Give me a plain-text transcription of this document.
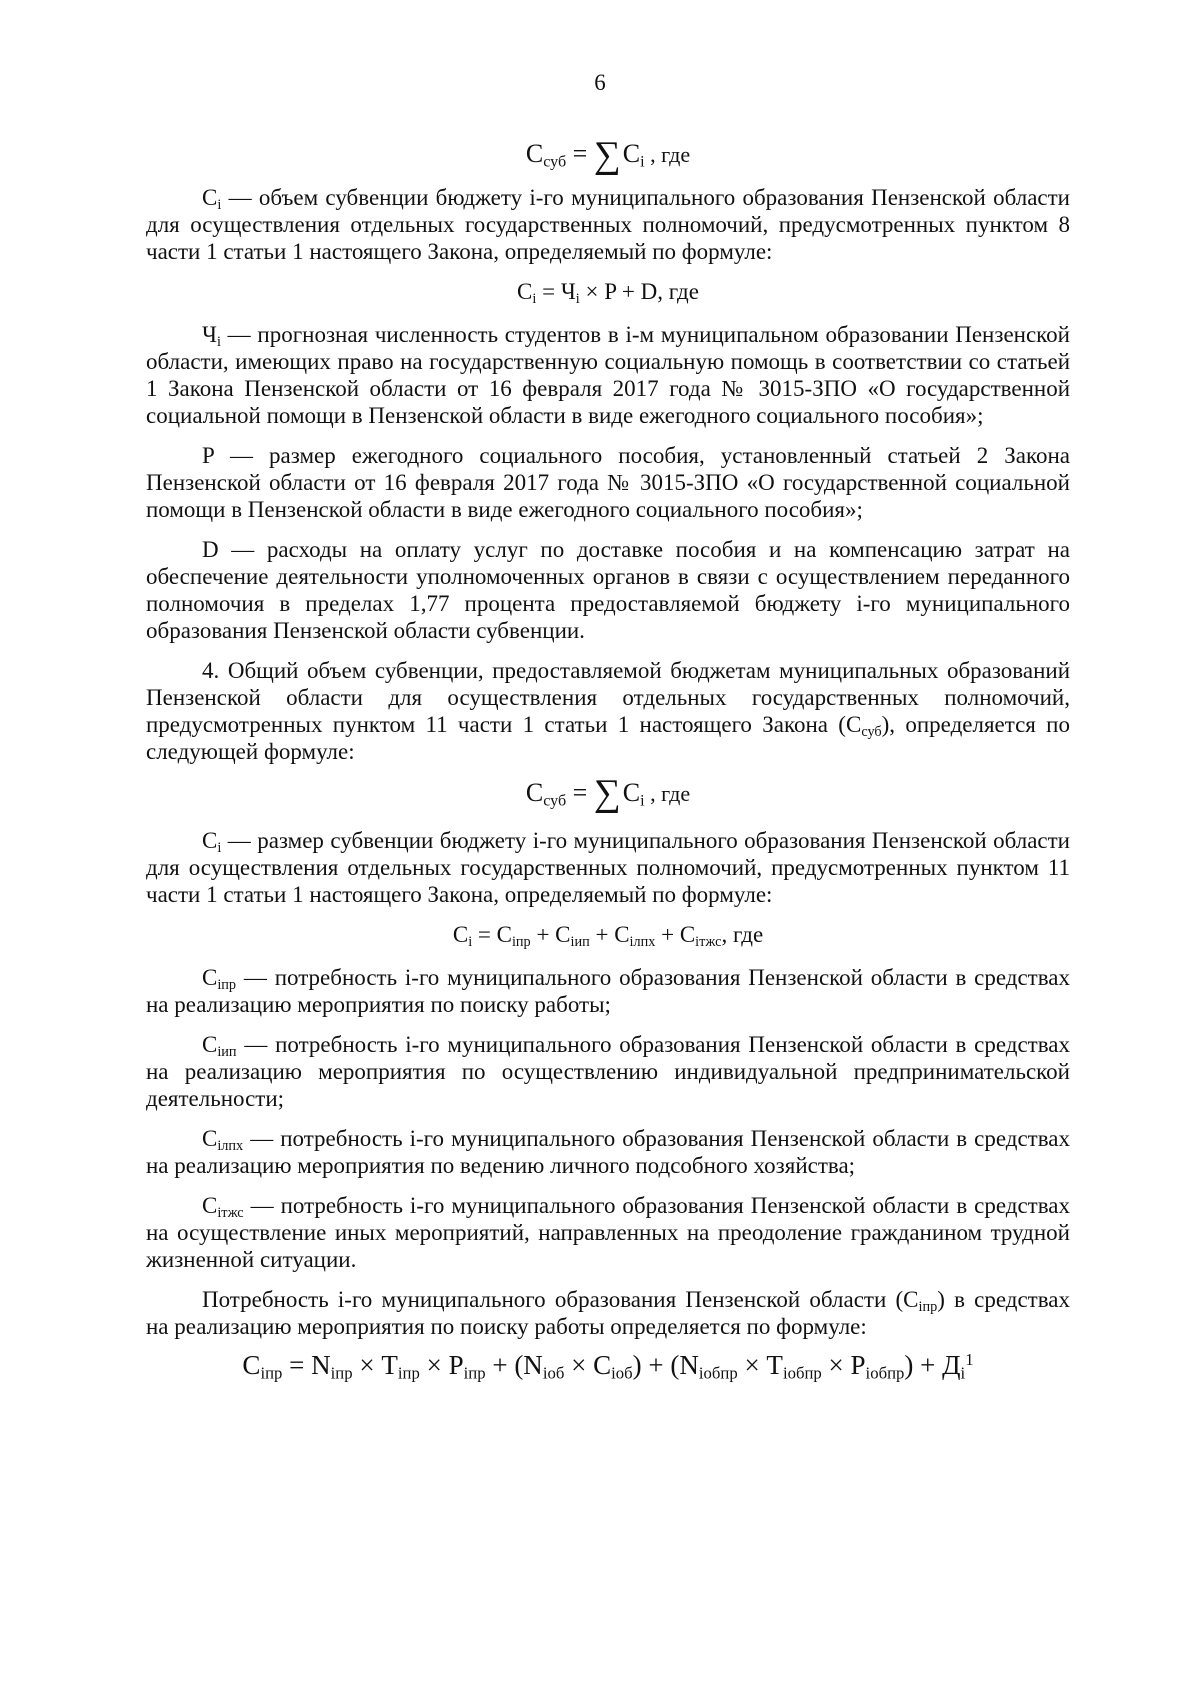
6
$С_{суб} = \sum С_i$ , где

$С_i$ — объем субвенции бюджету i-го муниципального образования Пензенской области для осуществления отдельных государственных полномочий, предусмотренных пунктом 8 части 1 статьи 1 настоящего Закона, определяемый по формуле:

$С_i = Ч_i \times P + D$, где

$Ч_i$ — прогнозная численность студентов в i-м муниципальном образовании Пензенской области, имеющих право на государственную социальную помощь в соответствии со статьей 1 Закона Пензенской области от 16 февраля 2017 года № 3015-ЗПО «О государственной социальной помощи в Пензенской области в виде ежегодного социального пособия»;

P — размер ежегодного социального пособия, установленный статьей 2 Закона Пензенской области от 16 февраля 2017 года № 3015-ЗПО «О государственной социальной помощи в Пензенской области в виде ежегодного социального пособия»;

D — расходы на оплату услуг по доставке пособия и на компенсацию затрат на обеспечение деятельности уполномоченных органов в связи с осуществлением переданного полномочия в пределах 1,77 процента предоставляемой бюджету i-го муниципального образования Пензенской области субвенции.

4. Общий объем субвенции, предоставляемой бюджетам муниципальных образований Пензенской области для осуществления отдельных государственных полномочий, предусмотренных пунктом 11 части 1 статьи 1 настоящего Закона $(С_{суб})$, определяется по следующей формуле:

$С_{суб} = \sum С_i$ , где

$С_i$ — размер субвенции бюджету i-го муниципального образования Пензенской области для осуществления отдельных государственных полномочий, предусмотренных пунктом 11 части 1 статьи 1 настоящего Закона, определяемый по формуле:

$С_i = С_{iпр} + С_{iип} + С_{iлпх} + С_{iтжс}$, где

$С_{iпр}$ — потребность i-го муниципального образования Пензенской области в средствах на реализацию мероприятия по поиску работы;

$С_{iип}$ — потребность i-го муниципального образования Пензенской области в средствах на реализацию мероприятия по осуществлению индивидуальной предпринимательской деятельности;

$С_{iлпх}$ — потребность i-го муниципального образования Пензенской области в средствах на реализацию мероприятия по ведению личного подсобного хозяйства;

$С_{iтжс}$ — потребность i-го муниципального образования Пензенской области в средствах на осуществление иных мероприятий, направленных на преодоление гражданином трудной жизненной ситуации.

Потребность i-го муниципального образования Пензенской области $(С_{iпр})$ в средствах на реализацию мероприятия по поиску работы определяется по формуле:

$С_{iпр} = N_{iпр} \times Т_{iпр} \times Р_{iпр} + (N_{iоб} \times С_{iоб}) + (N_{iобпр} \times Т_{iобпр} \times Р_{iобпр}) + Д_i^1$
